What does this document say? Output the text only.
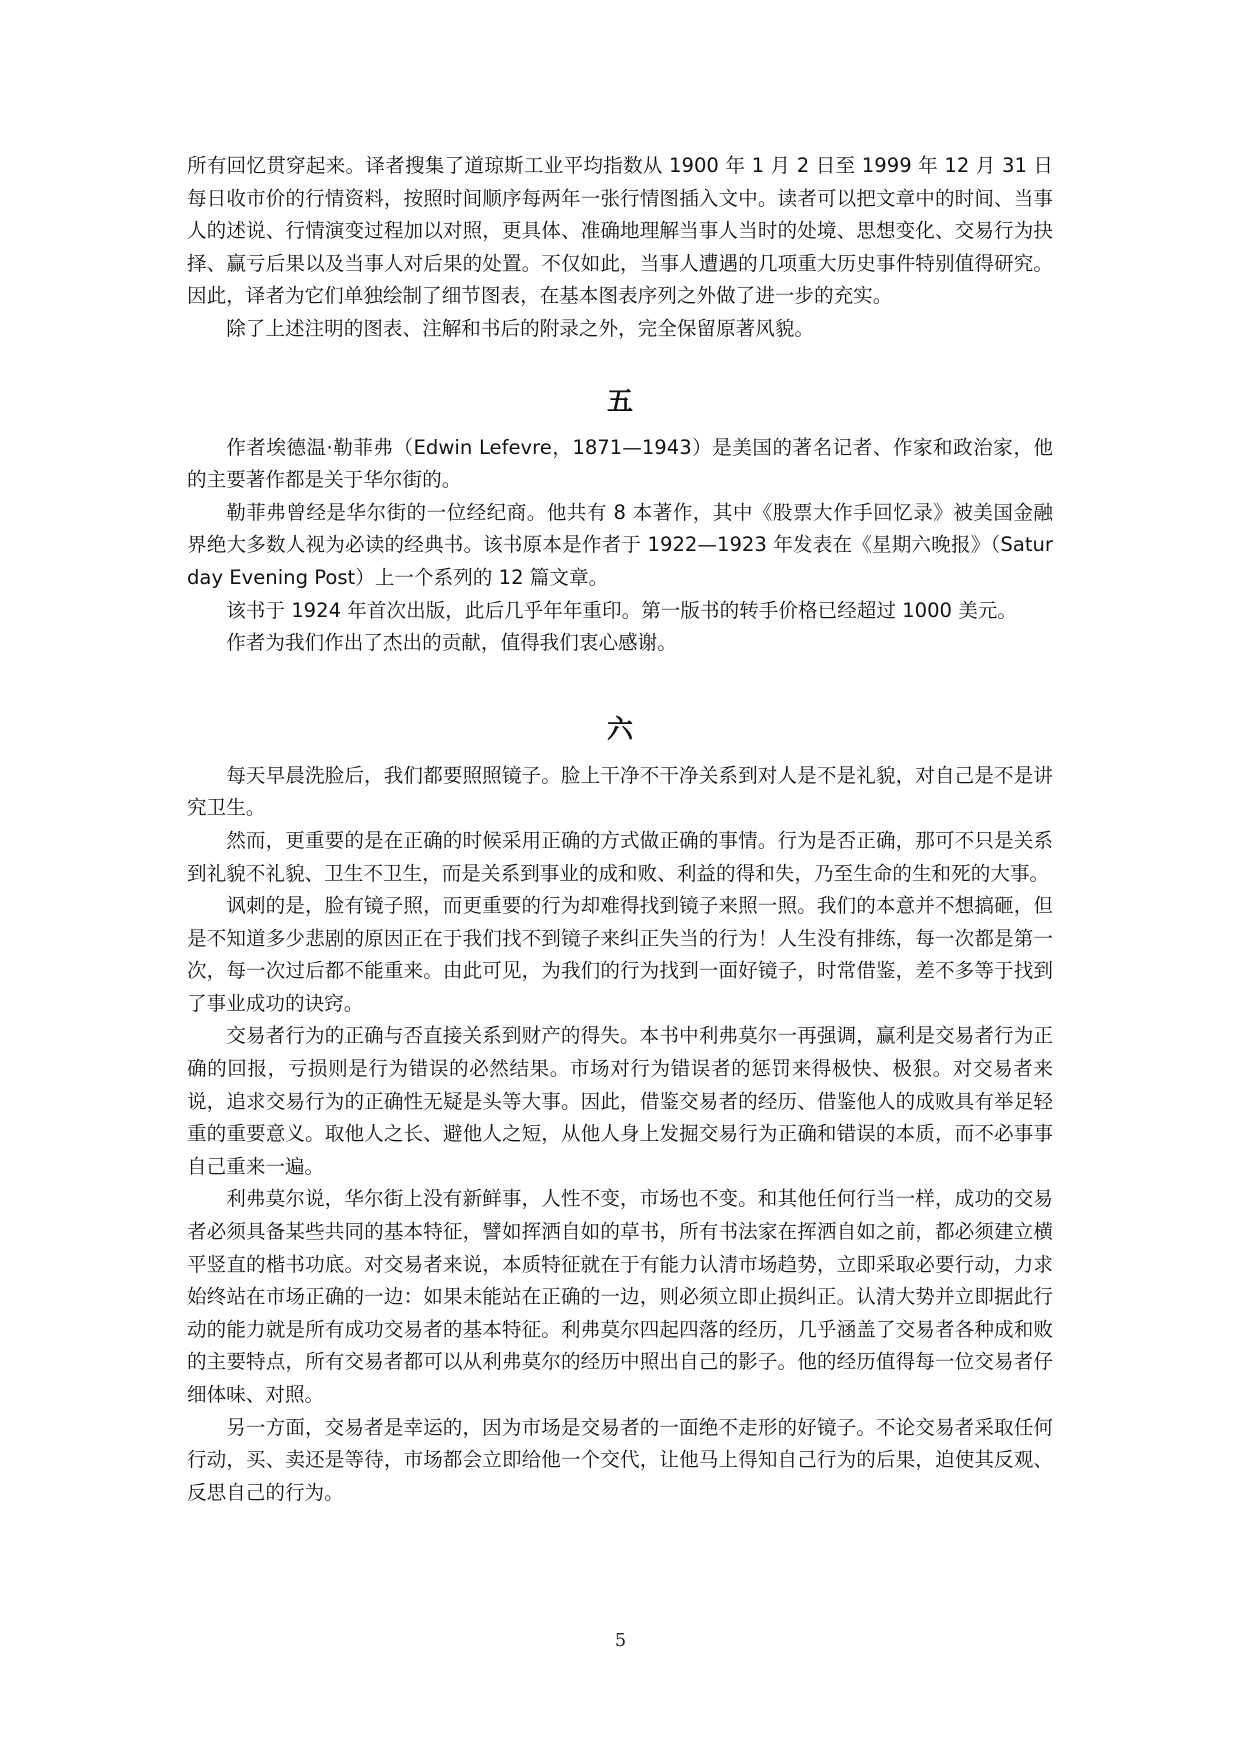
所有回忆贯穿起来。译者搜集了道琼斯工业平均指数从 1900 年 1 月 2 日至 1999 年 12 月 31 日每日收市价的行情资料，按照时间顺序每两年一张行情图插入文中。读者可以把文章中的时间、当事人的述说、行情演变过程加以对照，更具体、准确地理解当事人当时的处境、思想变化、交易行为抉择、赢亏后果以及当事人对后果的处置。不仅如此，当事人遭遇的几项重大历史事件特别值得研究。因此，译者为它们单独绘制了细节图表，在基本图表序列之外做了进一步的充实。

除了上述注明的图表、注解和书后的附录之外，完全保留原著风貌。

五

作者埃德温·勒菲弗（Edwin Lefevre，1871—1943）是美国的著名记者、作家和政治家，他的主要著作都是关于华尔街的。

勒菲弗曾经是华尔街的一位经纪商。他共有 8 本著作，其中《股票大作手回忆录》被美国金融界绝大多数人视为必读的经典书。该书原本是作者于 1922—1923 年发表在《星期六晚报》（Saturday Evening Post）上一个系列的 12 篇文章。

该书于 1924 年首次出版，此后几乎年年重印。第一版书的转手价格已经超过 1000 美元。

作者为我们作出了杰出的贡献，值得我们衷心感谢。

六

每天早晨洗脸后，我们都要照照镜子。脸上干净不干净关系到对人是不是礼貌，对自己是不是讲究卫生。

然而，更重要的是在正确的时候采用正确的方式做正确的事情。行为是否正确，那可不只是关系到礼貌不礼貌、卫生不卫生，而是关系到事业的成和败、利益的得和失，乃至生命的生和死的大事。

讽刺的是，脸有镜子照，而更重要的行为却难得找到镜子来照一照。我们的本意并不想搞砸，但是不知道多少悲剧的原因正在于我们找不到镜子来纠正失当的行为！人生没有排练，每一次都是第一次，每一次过后都不能重来。由此可见，为我们的行为找到一面好镜子，时常借鉴，差不多等于找到了事业成功的诀窍。

交易者行为的正确与否直接关系到财产的得失。本书中利弗莫尔一再强调，赢利是交易者行为正确的回报，亏损则是行为错误的必然结果。市场对行为错误者的惩罚来得极快、极狠。对交易者来说，追求交易行为的正确性无疑是头等大事。因此，借鉴交易者的经历、借鉴他人的成败具有举足轻重的重要意义。取他人之长、避他人之短，从他人身上发掘交易行为正确和错误的本质，而不必事事自己重来一遍。

利弗莫尔说，华尔街上没有新鲜事，人性不变，市场也不变。和其他任何行当一样，成功的交易者必须具备某些共同的基本特征，譬如挥洒自如的草书，所有书法家在挥洒自如之前，都必须建立横平竖直的楷书功底。对交易者来说，本质特征就在于有能力认清市场趋势，立即采取必要行动，力求始终站在市场正确的一边：如果未能站在正确的一边，则必须立即止损纠正。认清大势并立即据此行动的能力就是所有成功交易者的基本特征。利弗莫尔四起四落的经历，几乎涵盖了交易者各种成和败的主要特点，所有交易者都可以从利弗莫尔的经历中照出自己的影子。他的经历值得每一位交易者仔细体味、对照。

另一方面，交易者是幸运的，因为市场是交易者的一面绝不走形的好镜子。不论交易者采取任何行动，买、卖还是等待，市场都会立即给他一个交代，让他马上得知自己行为的后果，迫使其反观、反思自己的行为。

5
